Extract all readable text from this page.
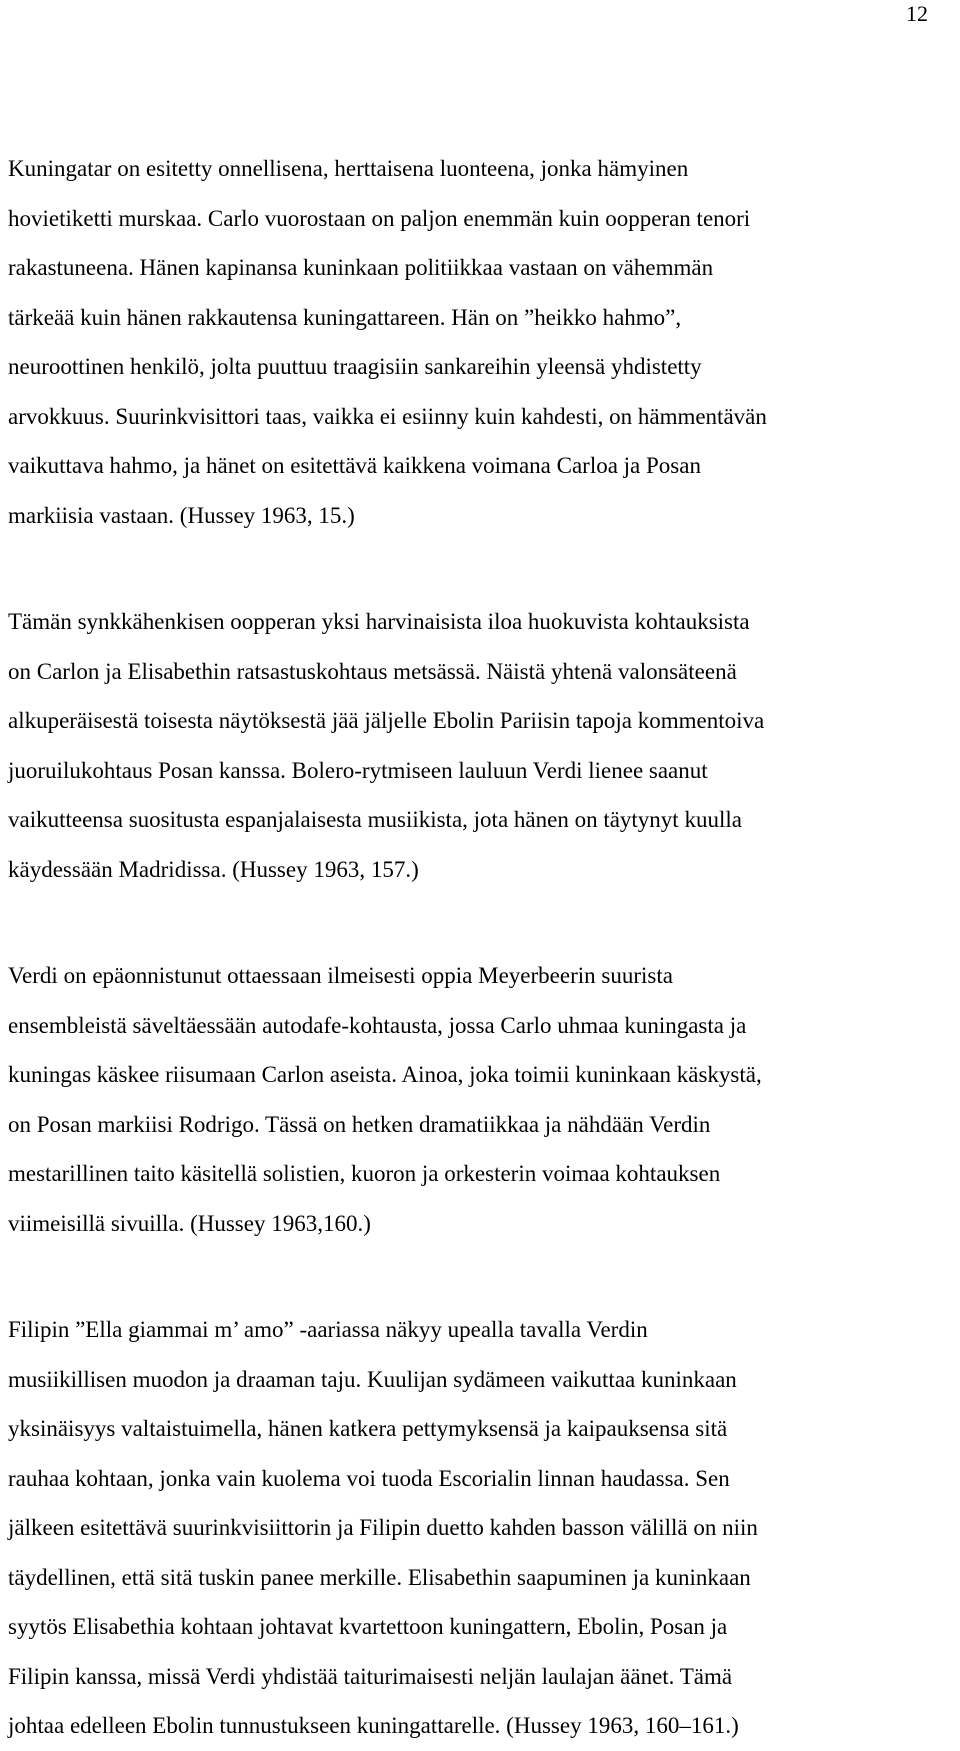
12

Kuningatar on esitetty onnellisena, herttaisena luonteena, jonka hämyinen
hovietiketti murskaa. Carlo vuorostaan on paljon enemmän kuin oopperan tenori
rakastuneena. Hänen kapinansa kuninkaan politiikkaa vastaan on vähemmän
tärkeää kuin hänen rakkautensa kuningattareen. Hän on ”heikko hahmo”,
neuroottinen henkilö, jolta puuttuu traagisiin sankareihin yleensä yhdistetty
arvokkuus. Suurinkvisittori taas, vaikka ei esiinny kuin kahdesti, on hämmentävän
vaikuttava hahmo, ja hänet on esitettävä kaikkena voimana Carloa ja Posan
markiisia vastaan. (Hussey 1963, 15.)

Tämän synkkähenkisen oopperan yksi harvinaisista iloa huokuvista kohtauksista
on Carlon ja Elisabethin ratsastuskohtaus metsässä. Näistä yhtenä valonsäteenä
alkuperäisestä toisesta näytöksestä jää jäljelle Ebolin Pariisin tapoja kommentoiva
juoruilukohtaus Posan kanssa. Bolero-rytmiseen lauluun Verdi lienee saanut
vaikutteensa suositusta espanjalaisesta musiikista, jota hänen on täytynyt kuulla
käydessään Madridissa. (Hussey 1963, 157.)

Verdi on epäonnistunut ottaessaan ilmeisesti oppia Meyerbeerin suurista
ensembleistä säveltäessään autodafe-kohtausta, jossa Carlo uhmaa kuningasta ja
kuningas käskee riisumaan Carlon aseista. Ainoa, joka toimii kuninkaan käskystä,
on Posan markiisi Rodrigo. Tässä on hetken dramatiikkaa ja nähdään Verdin
mestarillinen taito käsitellä solistien, kuoron ja orkesterin voimaa kohtauksen
viimeisillä sivuilla. (Hussey 1963,160.)

Filipin ”Ella giammai m’ amo” -aariassa näkyy upealla tavalla Verdin
musiikillisen muodon ja draaman taju. Kuulijan sydämeen vaikuttaa kuninkaan
yksinäisyys valtaistuimella, hänen katkera pettymyksensä ja kaipauksensa sitä
rauhaa kohtaan, jonka vain kuolema voi tuoda Escorialin linnan haudassa. Sen
jälkeen esitettävä suurinkvisiittorin ja Filipin duetto kahden basson välillä on niin
täydellinen, että sitä tuskin panee merkille. Elisabethin saapuminen ja kuninkaan
syytös Elisabethia kohtaan johtavat kvartettoon kuningattern, Ebolin, Posan ja
Filipin kanssa, missä Verdi yhdistää taiturimaisesti neljän laulajan äänet. Tämä
johtaa edelleen Ebolin tunnustukseen kuningattarelle. (Hussey 1963, 160–161.)
